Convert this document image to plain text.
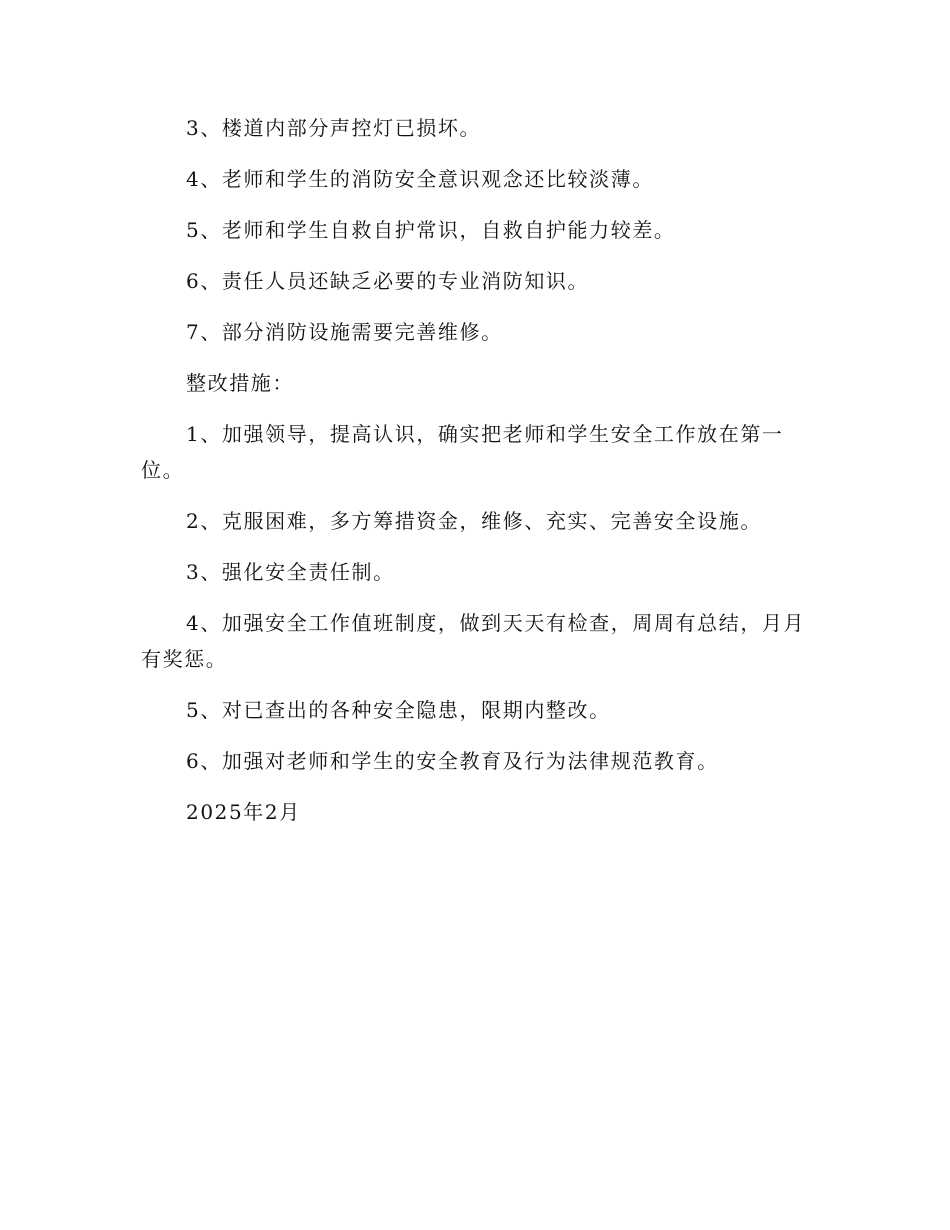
3、楼道内部分声控灯已损坏。

4、老师和学生的消防安全意识观念还比较淡薄。

5、老师和学生自救自护常识，自救自护能力较差。

6、责任人员还缺乏必要的专业消防知识。

7、部分消防设施需要完善维修。

整改措施：

1、加强领导，提高认识，确实把老师和学生安全工作放在第一位。

2、克服困难，多方筹措资金，维修、充实、完善安全设施。

3、强化安全责任制。

4、加强安全工作值班制度，做到天天有检查，周周有总结，月月有奖惩。

5、对已查出的各种安全隐患，限期内整改。

6、加强对老师和学生的安全教育及行为法律规范教育。

2025年2月
